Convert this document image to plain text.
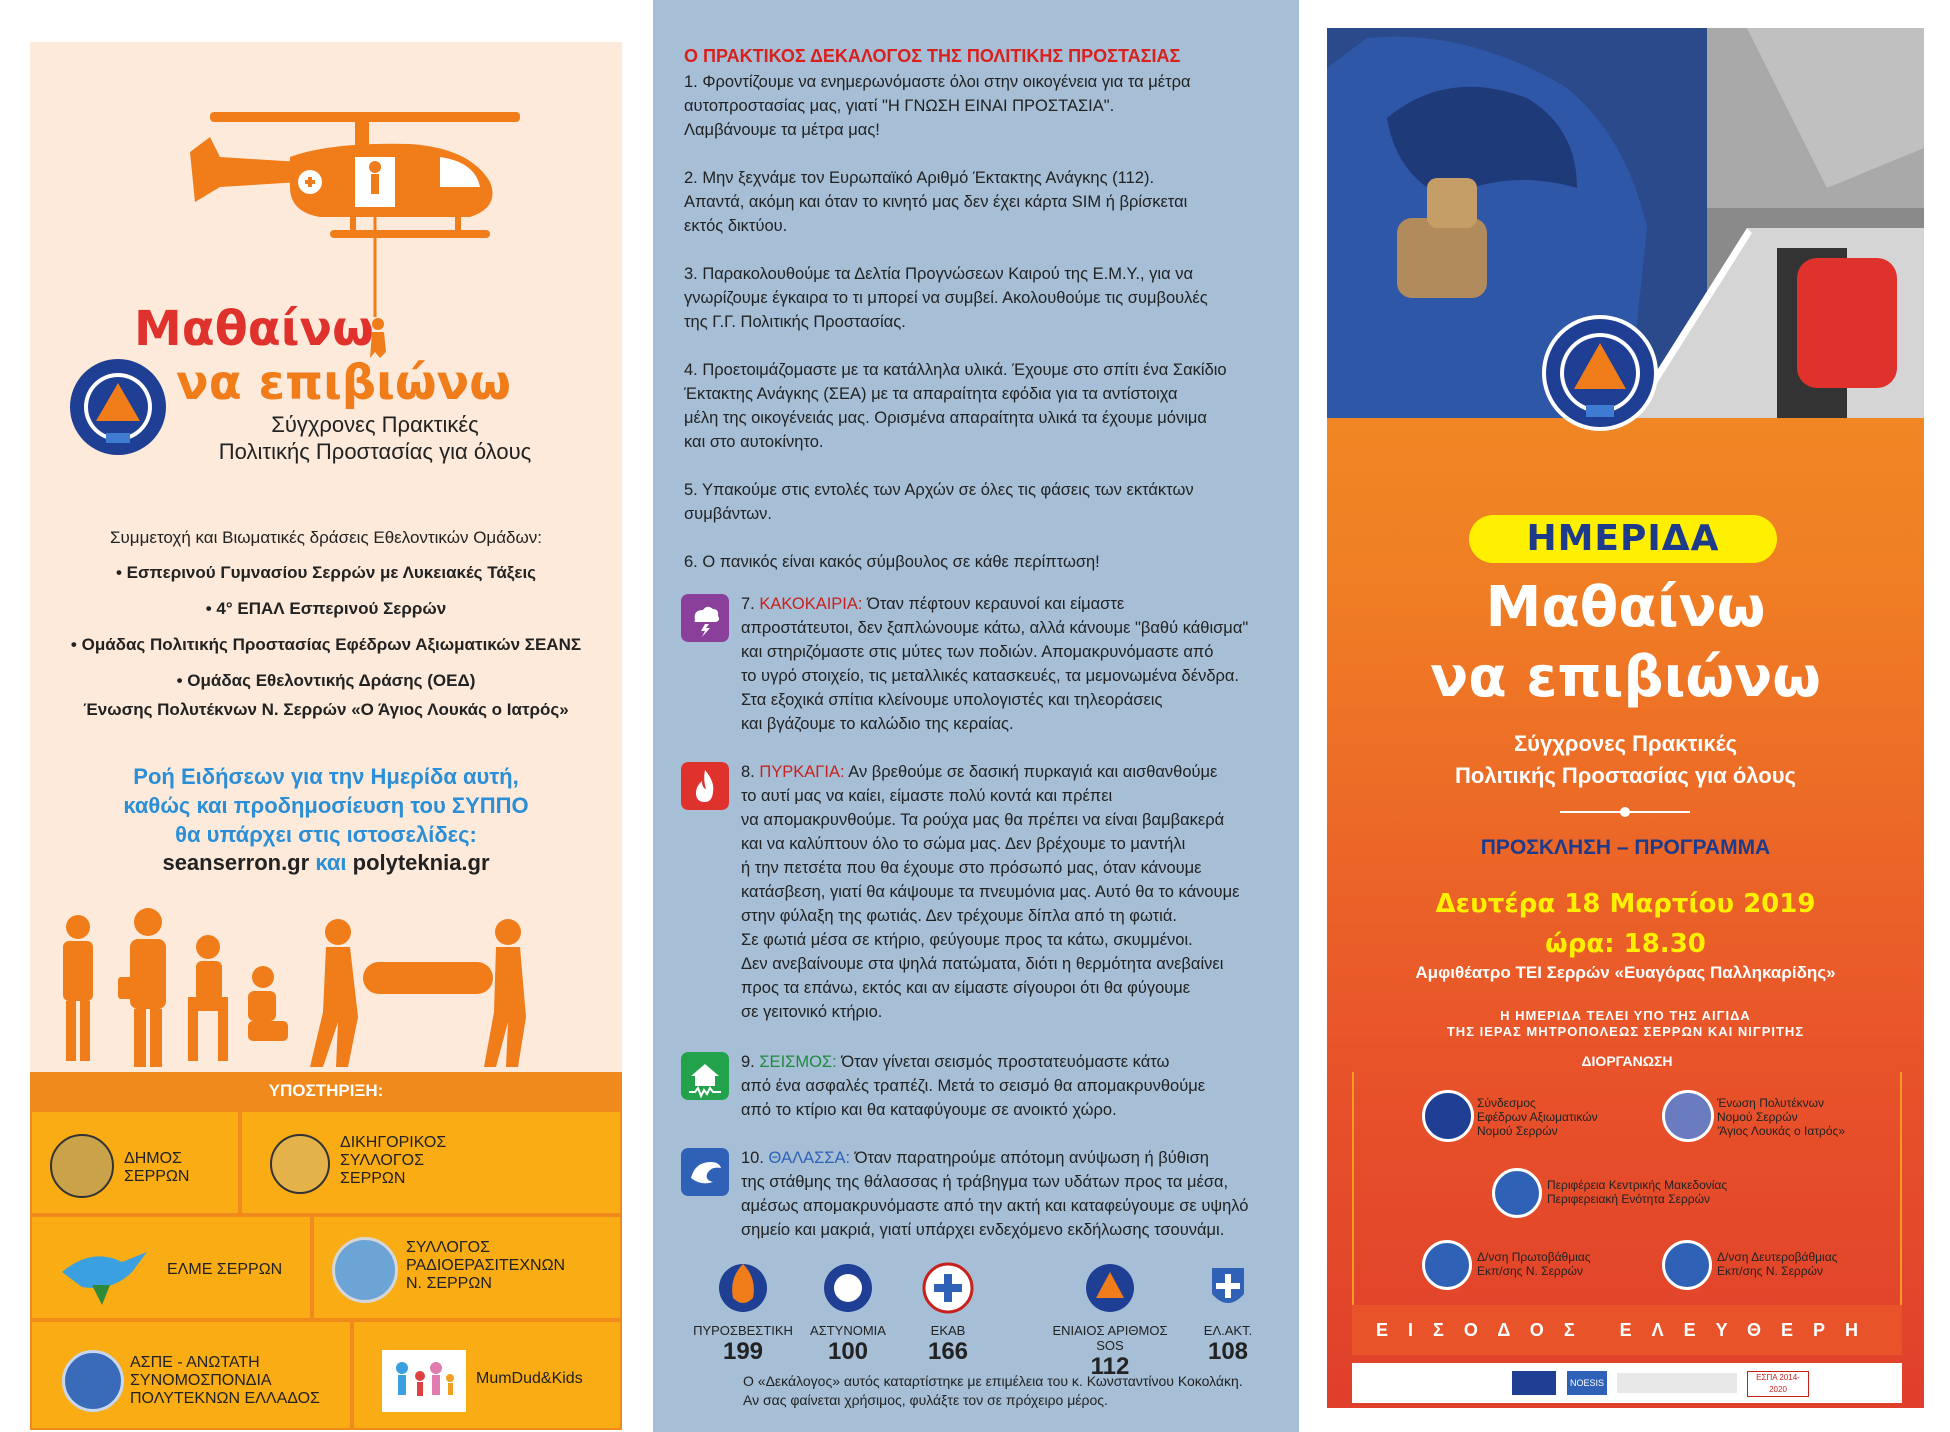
Μαθαίνω
να επιβιώνω
Σύγχρονες Πρακτικές
Πολιτικής Προστασίας για όλους
Συμμετοχή και Βιωματικές δράσεις Εθελοντικών Ομάδων:
• Εσπερινού Γυμνασίου Σερρών με Λυκειακές Τάξεις
• 4° ΕΠΑΛ Εσπερινού Σερρών
• Ομάδας Πολιτικής Προστασίας Εφέδρων Αξιωματικών ΣΕΑΝΣ
• Ομάδας Εθελοντικής Δράσης (ΟΕΔ)
Ένωσης Πολυτέκνων Ν. Σερρών «Ο Άγιος Λουκάς ο Ιατρός»
Ροή Ειδήσεων για την Ημερίδα αυτή,
καθώς και προδημοσίευση του ΣΥΠΠΟ
θα υπάρχει στις ιστοσελίδες:
seanserron.gr και polyteknia.gr
ΥΠΟΣΤΗΡΙΞΗ:
ΔΗΜΟΣ
ΣΕΡΡΩΝ
ΔΙΚΗΓΟΡΙΚΟΣ
ΣΥΛΛΟΓΟΣ
ΣΕΡΡΩΝ
ΕΛΜΕ ΣΕΡΡΩΝ
ΣΥΛΛΟΓΟΣ
ΡΑΔΙΟΕΡΑΣΙΤΕΧΝΩΝ
Ν. ΣΕΡΡΩΝ
ΑΣΠΕ - ΑΝΩΤΑΤΗ
ΣΥΝΟΜΟΣΠΟΝΔΙΑ
ΠΟΛΥΤΕΚΝΩΝ ΕΛΛΑΔΟΣ
MumDud&Kids
Ο ΠΡΑΚΤΙΚΟΣ ΔΕΚΑΛΟΓΟΣ ΤΗΣ ΠΟΛΙΤΙΚΗΣ ΠΡΟΣΤΑΣΙΑΣ
1. Φροντίζουμε να ενημερωνόμαστε όλοι στην οικογένεια για τα μέτρα
αυτοπροστασίας μας, γιατί "Η ΓΝΩΣΗ ΕΙΝΑΙ ΠΡΟΣΤΑΣΙΑ".
Λαμβάνουμε τα μέτρα μας!
2. Μην ξεχνάμε τον Ευρωπαϊκό Αριθμό Έκτακτης Ανάγκης (112).
Απαντά, ακόμη και όταν το κινητό μας δεν έχει κάρτα SIM ή βρίσκεται
εκτός δικτύου.
3. Παρακολουθούμε τα Δελτία Προγνώσεων Καιρού της Ε.Μ.Υ., για να
γνωρίζουμε έγκαιρα το τι μπορεί να συμβεί. Ακολουθούμε τις συμβουλές
της Γ.Γ. Πολιτικής Προστασίας.
4. Προετοιμάζομαστε με τα κατάλληλα υλικά. Έχουμε στο σπίτι ένα Σακίδιο
Έκτακτης Ανάγκης (ΣΕΑ) με τα απαραίτητα εφόδια για τα αντίστοιχα
μέλη της οικογένειάς μας. Ορισμένα απαραίτητα υλικά τα έχουμε μόνιμα
και στο αυτοκίνητο.
5. Υπακούμε στις εντολές των Αρχών σε όλες τις φάσεις των εκτάκτων
συμβάντων.
6. Ο πανικός είναι κακός σύμβουλος σε κάθε περίπτωση!
7. ΚΑΚΟΚΑΙΡΙΑ: Όταν πέφτουν κεραυνοί και είμαστε
απροστάτευτοι, δεν ξαπλώνουμε κάτω, αλλά κάνουμε "βαθύ κάθισμα"
και στηριζόμαστε στις μύτες των ποδιών. Απομακρυνόμαστε από
το υγρό στοιχείο, τις μεταλλικές κατασκευές, τα μεμονωμένα δένδρα.
Στα εξοχικά σπίτια κλείνουμε υπολογιστές και τηλεοράσεις
και βγάζουμε το καλώδιο της κεραίας.
8. ΠΥΡΚΑΓΙΑ: Αν βρεθούμε σε δασική πυρκαγιά και αισθανθούμε
το αυτί μας να καίει, είμαστε πολύ κοντά και πρέπει
να απομακρυνθούμε. Τα ρούχα μας θα πρέπει να είναι βαμβακερά
και να καλύπτουν όλο το σώμα μας. Δεν βρέχουμε το μαντήλι
ή την πετσέτα που θα έχουμε στο πρόσωπό μας, όταν κάνουμε
κατάσβεση, γιατί θα κάψουμε τα πνευμόνια μας. Αυτό θα το κάνουμε
στην φύλαξη της φωτιάς. Δεν τρέχουμε δίπλα από τη φωτιά.
Σε φωτιά μέσα σε κτήριο, φεύγουμε προς τα κάτω, σκυμμένοι.
Δεν ανεβαίνουμε στα ψηλά πατώματα, διότι η θερμότητα ανεβαίνει
προς τα επάνω, εκτός και αν είμαστε σίγουροι ότι θα φύγουμε
σε γειτονικό κτήριο.
9. ΣΕΙΣΜΟΣ: Όταν γίνεται σεισμός προστατευόμαστε κάτω
από ένα ασφαλές τραπέζι. Μετά το σεισμό θα απομακρυνθούμε
από το κτίριο και θα καταφύγουμε σε ανοικτό χώρο.
10. ΘΑΛΑΣΣΑ: Όταν παρατηρούμε απότομη ανύψωση ή βύθιση
της στάθμης της θάλασσας ή τράβηγμα των υδάτων προς τα μέσα,
αμέσως απομακρυνόμαστε από την ακτή και καταφεύγουμε σε υψηλό
σημείο και μακριά, γιατί υπάρχει ενδεχόμενο εκδήλωσης τσουνάμι.
ΠΥΡΟΣΒΕΣΤΙΚΗ
199
ΑΣΤΥΝΟΜΙΑ
100
ΕΚΑΒ
166
ΕΝΙΑΙΟΣ ΑΡΙΘΜΟΣ SOS
112
ΕΛ.ΑΚΤ.
108
Ο «Δεκάλογος» αυτός καταρτίστηκε με επιμέλεια του κ. Κωνσταντίνου Κοκολάκη.
Αν σας φαίνεται χρήσιμος, φυλάξτε τον σε πρόχειρο μέρος.
ΗΜΕΡΙΔΑ
Μαθαίνω
να επιβιώνω
Σύγχρονες Πρακτικές
Πολιτικής Προστασίας για όλους
ΠΡΟΣΚΛΗΣΗ – ΠΡΟΓΡΑΜΜΑ
Δευτέρα 18 Μαρτίου 2019
ώρα: 18.30
Αμφιθέατρο ΤΕΙ Σερρών «Ευαγόρας Παλληκαρίδης»
Η ΗΜΕΡΙΔΑ ΤΕΛΕΙ ΥΠΟ ΤΗΣ ΑΙΓΙΔΑ
ΤΗΣ ΙΕΡΑΣ ΜΗΤΡΟΠΟΛΕΩΣ ΣΕΡΡΩΝ ΚΑΙ ΝΙΓΡΙΤΗΣ
ΔΙΟΡΓΑΝΩΣΗ
Σύνδεσμος
Εφέδρων Αξιωματικών
Νομού Σερρών
Ένωση Πολυτέκνων
Νομού Σερρών
'Άγιος Λουκάς ο Ιατρός»
Περιφέρεια Κεντρικής Μακεδονίας
Περιφερειακή Ενότητα Σερρών
Δ/νση Πρωτοβάθμιας
Εκπ/σης Ν. Σερρών
Δ/νση Δευτεροβάθμιας
Εκπ/σης Ν. Σερρών
ΕΙΣΟΔΟΣ ΕΛΕΥΘΕΡΗ
NOESIS
ΕΣΠΑ 2014-2020
